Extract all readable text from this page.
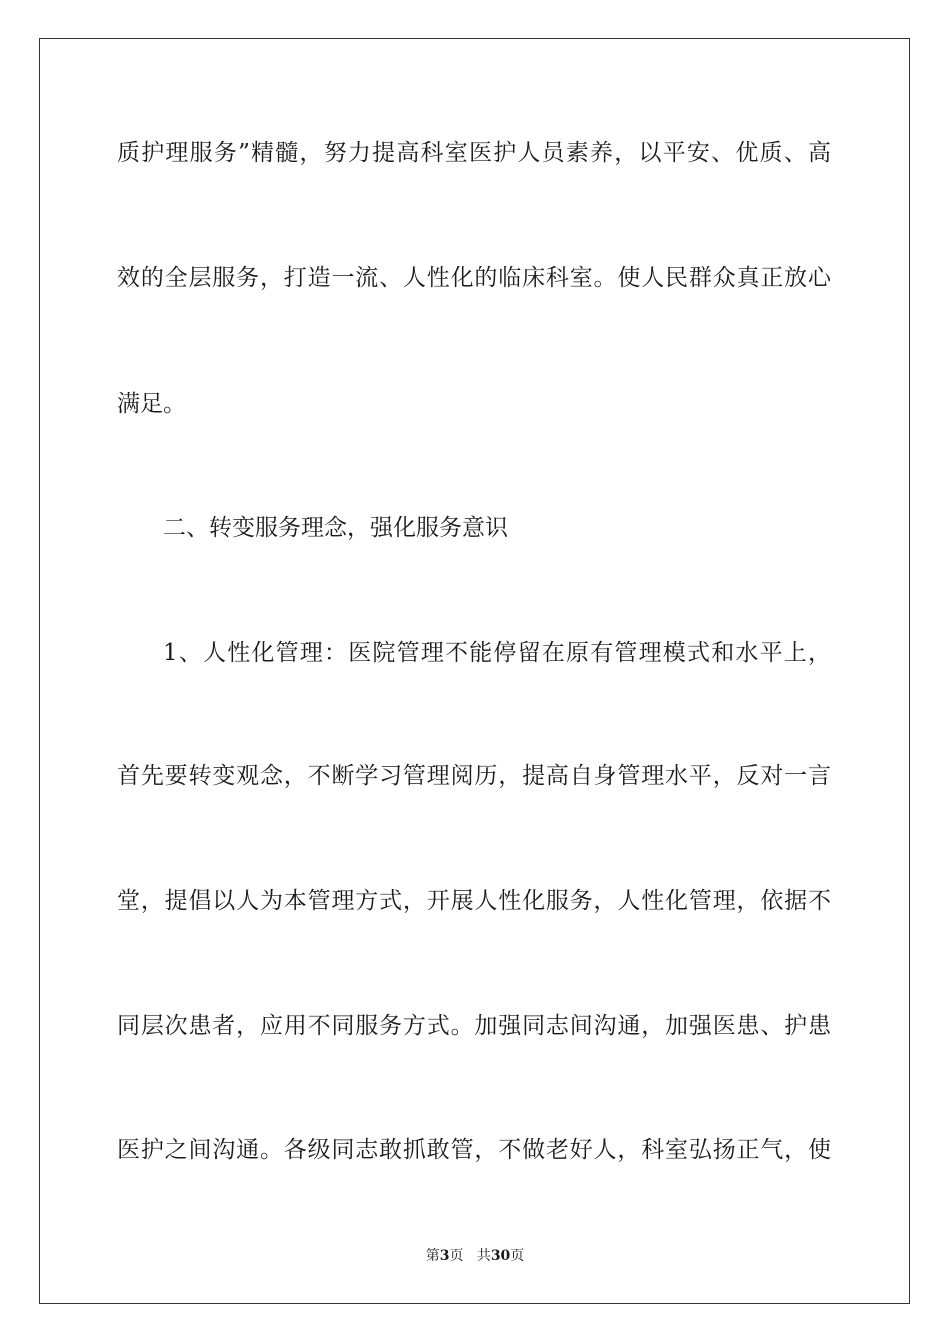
质护理服务”精髓，努力提高科室医护人员素养，以平安、优质、高
效的全层服务，打造一流、人性化的临床科室。使人民群众真正放心
满足。
二、转变服务理念，强化服务意识
1、人性化管理：医院管理不能停留在原有管理模式和水平上，
首先要转变观念，不断学习管理阅历，提高自身管理水平，反对一言
堂，提倡以人为本管理方式，开展人性化服务，人性化管理，依据不
同层次患者，应用不同服务方式。加强同志间沟通，加强医患、护患
医护之间沟通。各级同志敢抓敢管，不做老好人，科室弘扬正气，使
第3页 共30页
